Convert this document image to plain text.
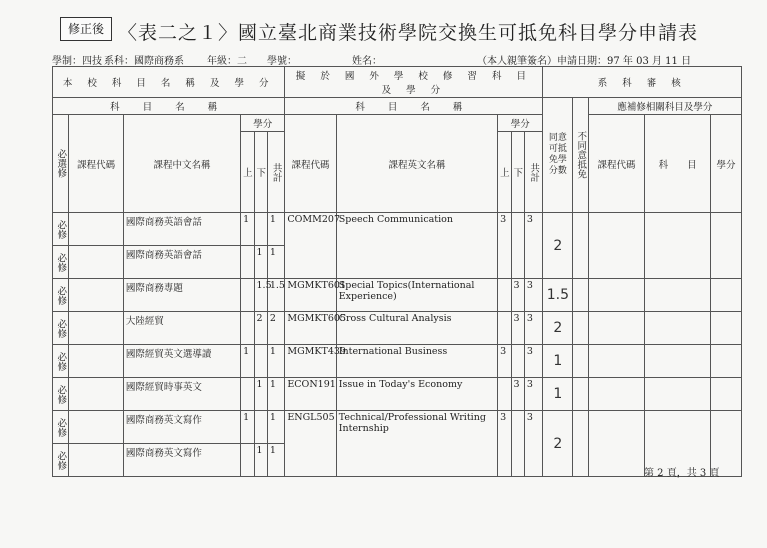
修正後 〈表二之１〉國立臺北商業技術學院交換生可抵免科目學分申請表
學制：四技 系科：國際商務系 年級：二 學號：	姓名：	（本人親筆簽名） 申請日期：97 年 03 月 11 日
本 校 科 目 名 稱 及 學 分						擬 於 國 外 學 校 修 習 科 目 及 學 分					系 科 審 核				
科 目 名 稱						科 目 名 稱					同意可抵免學分數	不同意抵免	應補修相關科目及學分		

必選修	課程代碼	課程中文名稱	學分			課程代碼	課程英文名稱	學分					課程代碼	科　　目	學分
			上	下	共計			上	下	共計					

必修		國際商務英語會話	1		1	COMM207	Speech Communication	3		3	2				

必修		國際商務英語會話		1	1										

必修		國際商務專題		1.5	1.5	MGMKT601	Special Topics(International Experience)		3	3	1.5				

必修		大陸經貿		2	2	MGMKT605	Cross Cultural Analysis		3	3	2				

必修		國際經貿英文選導讀	1		1	MGMKT439	International Business	3		3	1				

必修		國際經貿時事英文		1	1	ECON191	Issue in Today's Economy		3	3	1				

必修		國際商務英文寫作	1		1	ENGL505	Technical/Professional Writing Internship	3		3	2				

必修		國際商務英文寫作		1	1										
第 2 頁，共 3 頁
